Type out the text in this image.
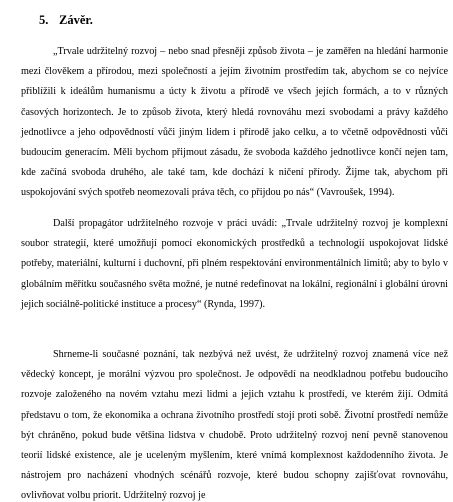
5. Závěr.

„Trvale udržitelný rozvoj – nebo snad přesněji způsob života – je zaměřen na hledání harmonie mezi člověkem a přírodou, mezi společností a jejím životním prostředím tak, abychom se co nejvíce přiblížili k ideálům humanismu a úcty k životu a přírodě ve všech jejích formách, a to v různých časových horizontech. Je to způsob života, který hledá rovnováhu mezi svobodami a právy každého jednotlivce a jeho odpovědností vůči jiným lidem i přírodě jako celku, a to včetně odpovědnosti vůči budoucím generacím. Měli bychom přijmout zásadu, že svoboda každého jednotlivce končí nejen tam, kde začíná svoboda druhého, ale také tam, kde dochází k ničení přírody. Žijme tak, abychom při uspokojování svých spotřeb neomezovali práva těch, co přijdou po nás“ (Vavroušek, 1994).

Další propagátor udržitelného rozvoje v práci uvádí: „Trvale udržitelný rozvoj je komplexní soubor strategií, které umožňují pomocí ekonomických prostředků a technologií uspokojovat lidské potřeby, materiální, kulturní i duchovní, při plném respektování environmentálních limitů; aby to bylo v globálním měřítku současného světa možné, je nutné redefinovat na lokální, regionální i globální úrovni jejich sociálně-politické instituce a procesy“ (Rynda, 1997).

Shrneme-li současné poznání, tak nezbývá než uvést, že udržitelný rozvoj znamená více než vědecký koncept, je morální výzvou pro společnost. Je odpovědí na neodkladnou potřebu budoucího rozvoje založeného na novém vztahu mezi lidmi a jejich vztahu k prostředí, ve kterém žijí. Odmítá představu o tom, že ekonomika a ochrana životního prostředí stojí proti sobě. Životní prostředí nemůže být chráněno, pokud bude většina lidstva v chudobě. Proto udržitelný rozvoj není pevně stanovenou teorií lidské existence, ale je uceleným myšlením, které vnímá komplexnost každodenního života. Je nástrojem pro nacházení vhodných scénářů rozvoje, které budou schopny zajišťovat rovnováhu, ovlivňovat volbu priorit. Udržitelný rozvoj je
